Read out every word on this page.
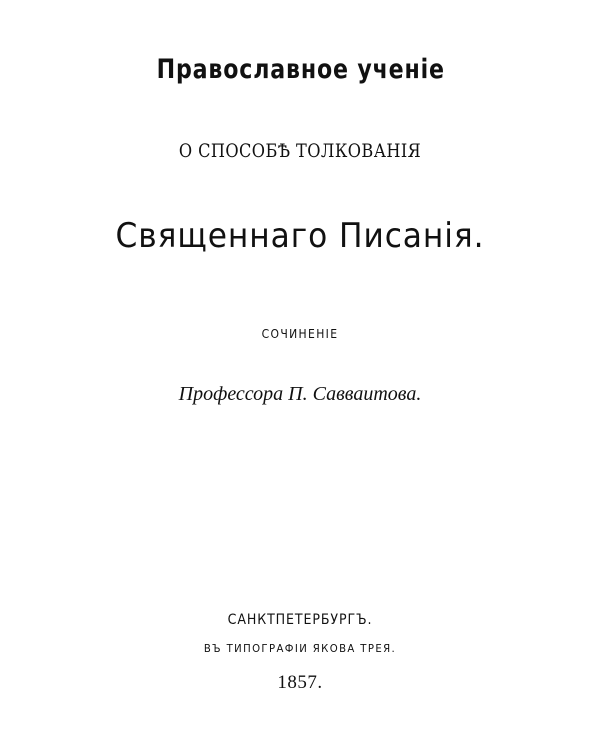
Православное ученіе
О СПОСОБѢ ТОЛКОВАНІЯ
Священнаго Писанія.
СОЧИНЕНІЕ
Профессора П. Савваитова.
САНКТПЕТЕРБУРГЪ.
ВЪ ТИПОГРАФІИ ЯКОВА ТРЕЯ.
1857.
